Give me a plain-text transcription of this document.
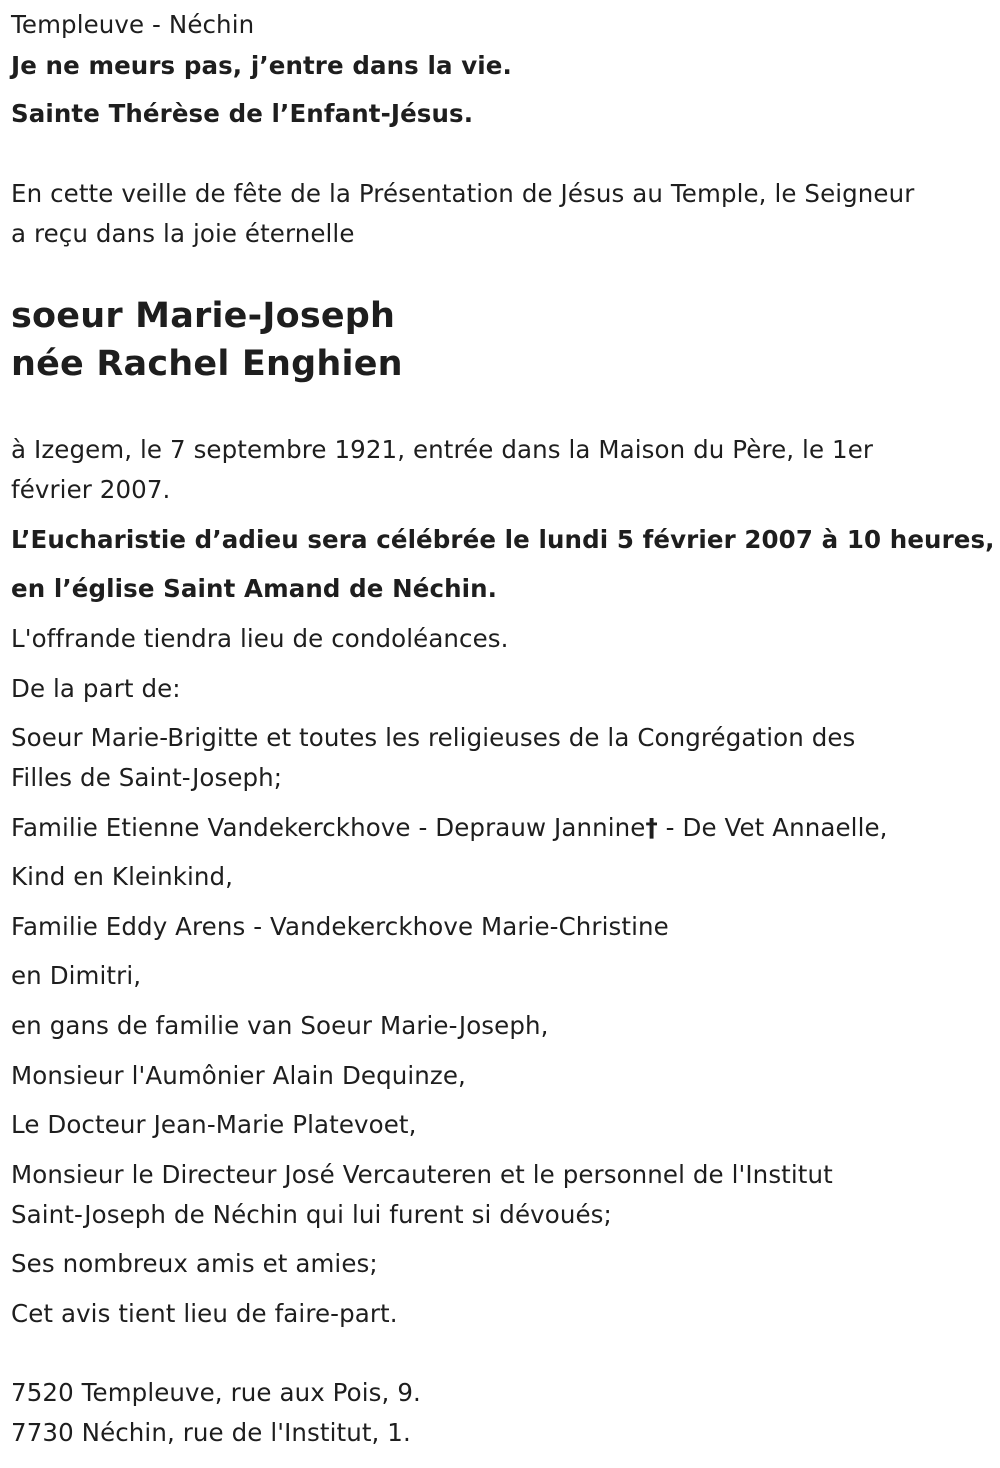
Templeuve - Néchin
Je ne meurs pas, j’entre dans la vie.
Sainte Thérèse de l’Enfant-Jésus.
En cette veille de fête de la Présentation de Jésus au Temple, le Seigneur
a reçu dans la joie éternelle
soeur Marie-Joseph
née Rachel Enghien
à Izegem, le 7 septembre 1921, entrée dans la Maison du Père, le 1er
février 2007.
L’Eucharistie d’adieu sera célébrée le lundi 5 février 2007 à 10 heures,
en l’église Saint Amand de Néchin.
L'offrande tiendra lieu de condoléances.
De la part de:
Soeur Marie-Brigitte et toutes les religieuses de la Congrégation des
Filles de Saint-Joseph;
Familie Etienne Vandekerckhove - Deprauw Jannine† - De Vet Annaelle,
Kind en Kleinkind,
Familie Eddy Arens - Vandekerckhove Marie-Christine
en Dimitri,
en gans de familie van Soeur Marie-Joseph,
Monsieur l'Aumônier Alain Dequinze,
Le Docteur Jean-Marie Platevoet,
Monsieur le Directeur José Vercauteren et le personnel de l'Institut
Saint-Joseph de Néchin qui lui furent si dévoués;
Ses nombreux amis et amies;
Cet avis tient lieu de faire-part.
7520 Templeuve, rue aux Pois, 9.
7730 Néchin, rue de l'Institut, 1.
